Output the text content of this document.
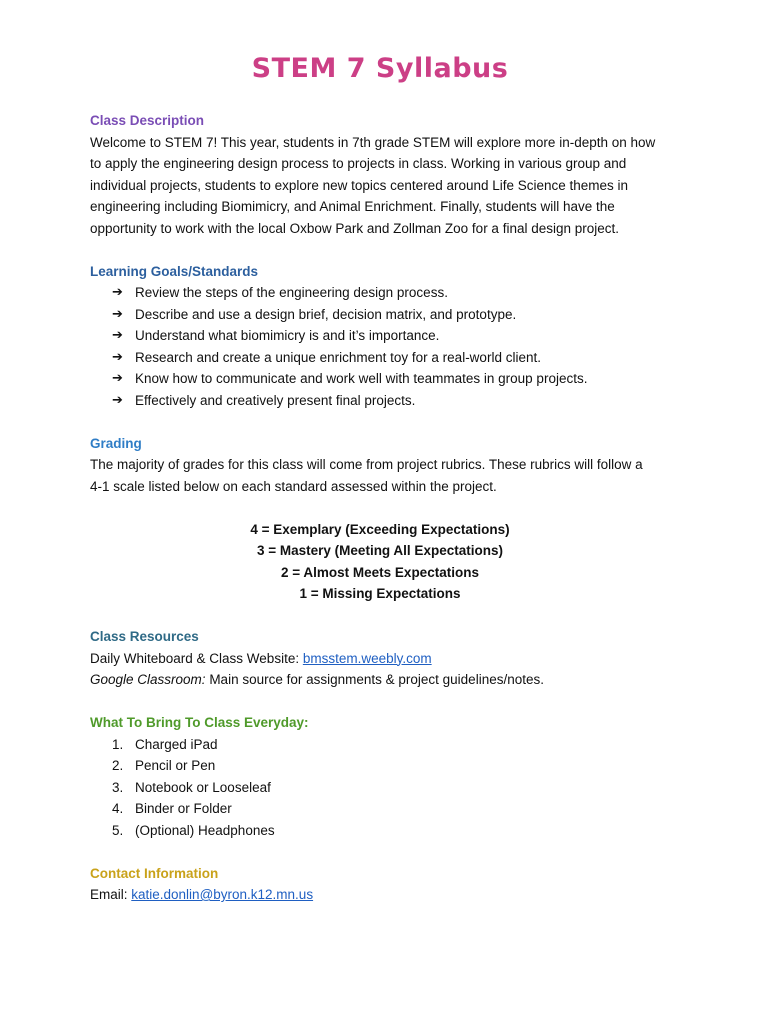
STEM 7 Syllabus

Class Description

Welcome to STEM 7! This year, students in 7th grade STEM will explore more in-depth on how

to apply the engineering design process to projects in class. Working in various group and

individual projects, students to explore new topics centered around Life Science themes in

engineering including Biomimicry, and Animal Enrichment. Finally, students will have the

opportunity to work with the local Oxbow Park and Zollman Zoo for a final design project.

Learning Goals/Standards

➔ Review the steps of the engineering design process.
➔ Describe and use a design brief, decision matrix, and prototype.
➔ Understand what biomimicry is and it’s importance.
➔ Research and create a unique enrichment toy for a real-world client.
➔ Know how to communicate and work well with teammates in group projects.
➔ Effectively and creatively present final projects.

Grading

The majority of grades for this class will come from project rubrics. These rubrics will follow a

4-1 scale listed below on each standard assessed within the project.

4 = Exemplary (Exceeding Expectations)

3 = Mastery (Meeting All Expectations)

2 = Almost Meets Expectations

1 = Missing Expectations

Class Resources

Daily Whiteboard & Class Website: bmsstem.weebly.com

Google Classroom: Main source for assignments & project guidelines/notes.

What To Bring To Class Everyday:

1. Charged iPad
2. Pencil or Pen
3. Notebook or Looseleaf
4. Binder or Folder
5. (Optional) Headphones

Contact Information

Email: katie.donlin@byron.k12.mn.us
